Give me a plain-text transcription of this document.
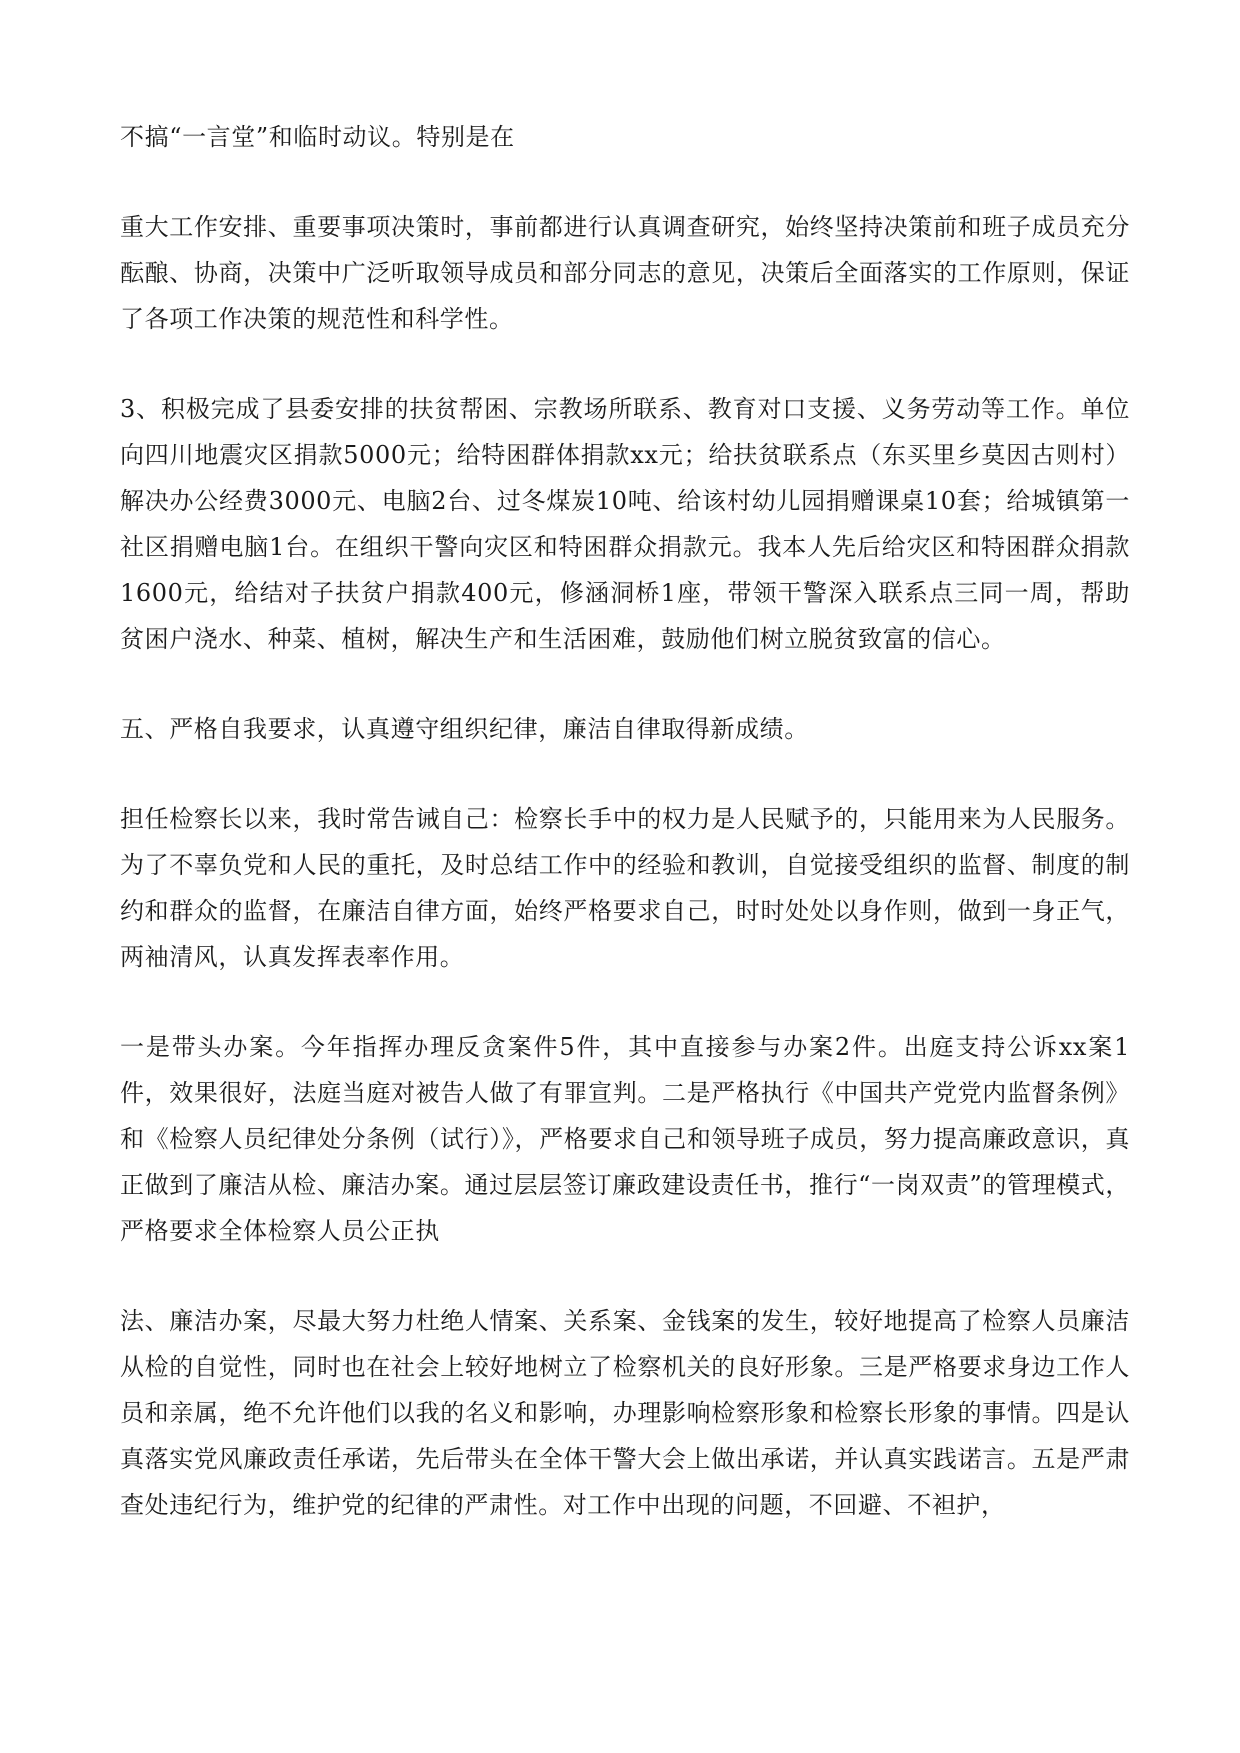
不搞“一言堂”和临时动议。特别是在

重大工作安排、重要事项决策时，事前都进行认真调查研究，始终坚持决策前和班子成员充分酝酿、协商，决策中广泛听取领导成员和部分同志的意见，决策后全面落实的工作原则，保证了各项工作决策的规范性和科学性。

3、积极完成了县委安排的扶贫帮困、宗教场所联系、教育对口支援、义务劳动等工作。单位向四川地震灾区捐款5000元；给特困群体捐款xx元；给扶贫联系点（东买里乡莫因古则村）解决办公经费3000元、电脑2台、过冬煤炭10吨、给该村幼儿园捐赠课桌10套；给城镇第一社区捐赠电脑1台。在组织干警向灾区和特困群众捐款元。我本人先后给灾区和特困群众捐款1600元，给结对子扶贫户捐款400元，修涵洞桥1座，带领干警深入联系点三同一周，帮助贫困户浇水、种菜、植树，解决生产和生活困难，鼓励他们树立脱贫致富的信心。

五、严格自我要求，认真遵守组织纪律，廉洁自律取得新成绩。

担任检察长以来，我时常告诫自己：检察长手中的权力是人民赋予的，只能用来为人民服务。为了不辜负党和人民的重托，及时总结工作中的经验和教训，自觉接受组织的监督、制度的制约和群众的监督，在廉洁自律方面，始终严格要求自己，时时处处以身作则，做到一身正气，两袖清风，认真发挥表率作用。

一是带头办案。今年指挥办理反贪案件5件，其中直接参与办案2件。出庭支持公诉xx案1件，效果很好，法庭当庭对被告人做了有罪宣判。二是严格执行《中国共产党党内监督条例》和《检察人员纪律处分条例（试行）》，严格要求自己和领导班子成员，努力提高廉政意识，真正做到了廉洁从检、廉洁办案。通过层层签订廉政建设责任书，推行“一岗双责”的管理模式，严格要求全体检察人员公正执

法、廉洁办案，尽最大努力杜绝人情案、关系案、金钱案的发生，较好地提高了检察人员廉洁从检的自觉性，同时也在社会上较好地树立了检察机关的良好形象。三是严格要求身边工作人员和亲属，绝不允许他们以我的名义和影响，办理影响检察形象和检察长形象的事情。四是认真落实党风廉政责任承诺，先后带头在全体干警大会上做出承诺，并认真实践诺言。五是严肃查处违纪行为，维护党的纪律的严肃性。对工作中出现的问题，不回避、不袒护，
